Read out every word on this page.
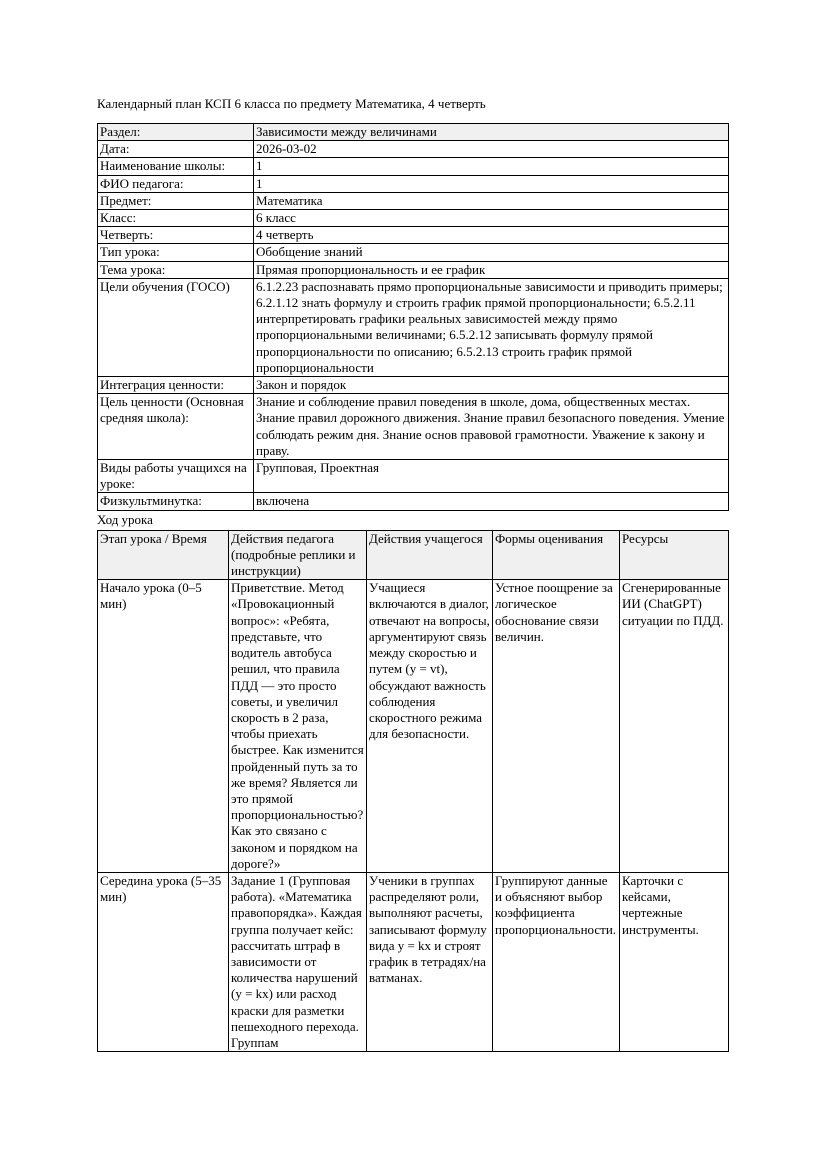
Календарный план КСП 6 класса по предмету Математика, 4 четверть

Раздел:	Зависимости между величинами
Дата:	2026-03-02
Наименование школы:	1
ФИО педагога:	1
Предмет:	Математика
Класс:	6 класс
Четверть:	4 четверть
Тип урока:	Обобщение знаний
Тема урока:	Прямая пропорциональность и ее график
Цели обучения (ГОСО)	6.1.2.23 распознавать прямо пропорциональные зависимости и приводить примеры; 6.2.1.12 знать формулу и строить график прямой пропорциональности; 6.5.2.11 интерпретировать графики реальных зависимостей между прямо пропорциональными величинами; 6.5.2.12 записывать формулу прямой пропорциональности по описанию; 6.5.2.13 строить график прямой пропорциональности
Интеграция ценности:	Закон и порядок
Цель ценности (Основная средняя школа):	Знание и соблюдение правил поведения в школе, дома, общественных местах. Знание правил дорожного движения. Знание правил безопасного поведения. Умение соблюдать режим дня. Знание основ правовой грамотности. Уважение к закону и праву.
Виды работы учащихся на уроке:	Групповая, Проектная
Физкультминутка:	включена

Ход урока

Этап урока / Время	Действия педагога (подробные реплики и инструкции)	Действия учащегося	Формы оценивания	Ресурсы
Начало урока (0–5 мин)	Приветствие. Метод «Провокационный вопрос»: «Ребята, представьте, что водитель автобуса решил, что правила ПДД — это просто советы, и увеличил скорость в 2 раза, чтобы приехать быстрее. Как изменится пройденный путь за то же время? Является ли это прямой пропорциональностью? Как это связано с законом и порядком на дороге?»	Учащиеся включаются в диалог, отвечают на вопросы, аргументируют связь между скоростью и путем (y = vt), обсуждают важность соблюдения скоростного режима для безопасности.	Устное поощрение за логическое обоснование связи величин.	Сгенерированные ИИ (ChatGPT) ситуации по ПДД.
Середина урока (5–35 мин)	Задание 1 (Групповая работа). «Математика правопорядка». Каждая группа получает кейс: рассчитать штраф в зависимости от количества нарушений (y = kx) или расход краски для разметки пешеходного перехода. Группам	Ученики в группах распределяют роли, выполняют расчеты, записывают формулу вида y = kx и строят график в тетрадях/на ватманах.	Группируют данные и объясняют выбор коэффициента пропорциональности.	Карточки с кейсами, чертежные инструменты.
